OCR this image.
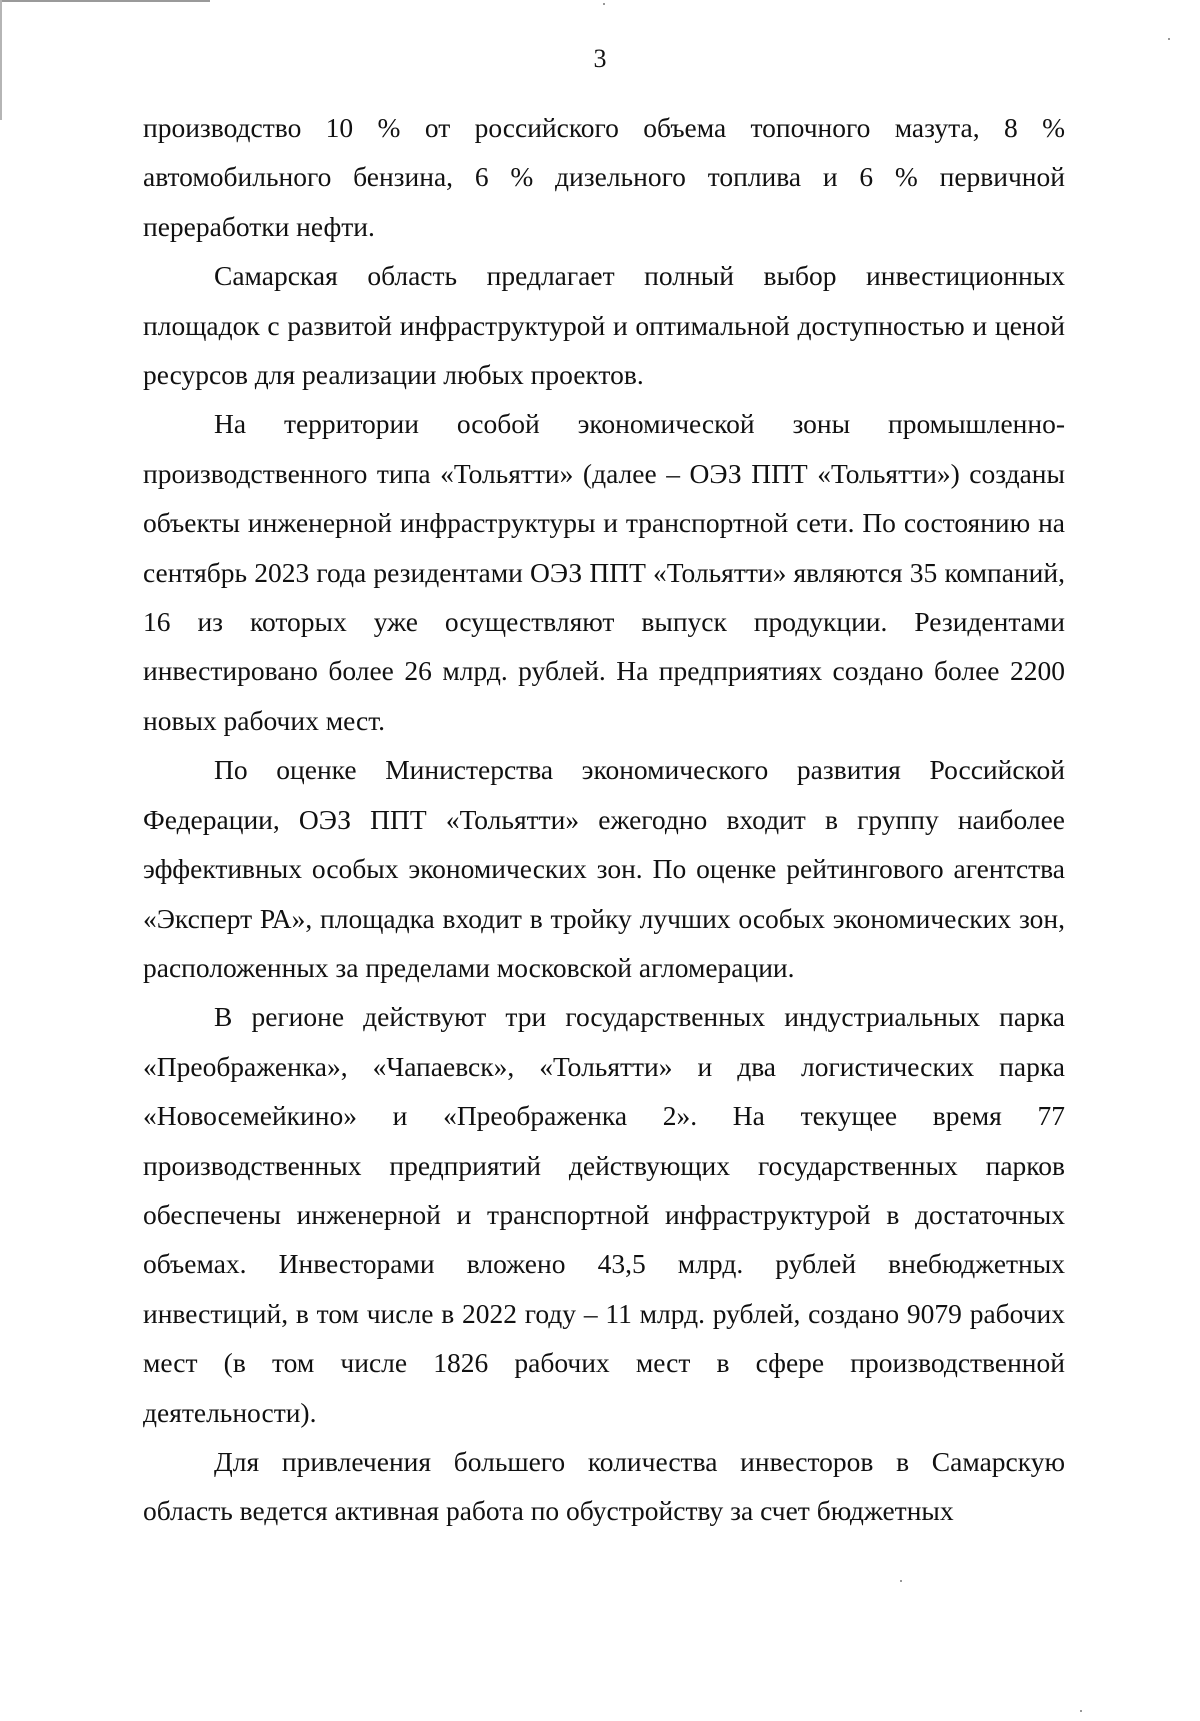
3

производство 10 % от российского объема топочного мазута, 8 % автомобильного бензина, 6 % дизельного топлива и 6 % первичной переработки нефти.

Самарская область предлагает полный выбор инвестиционных площадок с развитой инфраструктурой и оптимальной доступностью и ценой ресурсов для реализации любых проектов.

На территории особой экономической зоны промышленно-производственного типа «Тольятти» (далее – ОЭЗ ППТ «Тольятти») созданы объекты инженерной инфраструктуры и транспортной сети. По состоянию на сентябрь 2023 года резидентами ОЭЗ ППТ «Тольятти» являются 35 компаний, 16 из которых уже осуществляют выпуск продукции. Резидентами инвестировано более 26 млрд. рублей. На предприятиях создано более 2200 новых рабочих мест.

По оценке Министерства экономического развития Российской Федерации, ОЭЗ ППТ «Тольятти» ежегодно входит в группу наиболее эффективных особых экономических зон. По оценке рейтингового агентства «Эксперт РА», площадка входит в тройку лучших особых экономических зон, расположенных за пределами московской агломерации.

В регионе действуют три государственных индустриальных парка «Преображенка», «Чапаевск», «Тольятти» и два логистических парка «Новосемейкино» и «Преображенка 2». На текущее время 77 производственных предприятий действующих государственных парков обеспечены инженерной и транспортной инфраструктурой в достаточных объемах. Инвесторами вложено 43,5 млрд. рублей внебюджетных инвестиций, в том числе в 2022 году – 11 млрд. рублей, создано 9079 рабочих мест (в том числе 1826 рабочих мест в сфере производственной деятельности).

Для привлечения большего количества инвесторов в Самарскую область ведется активная работа по обустройству за счет бюджетных
